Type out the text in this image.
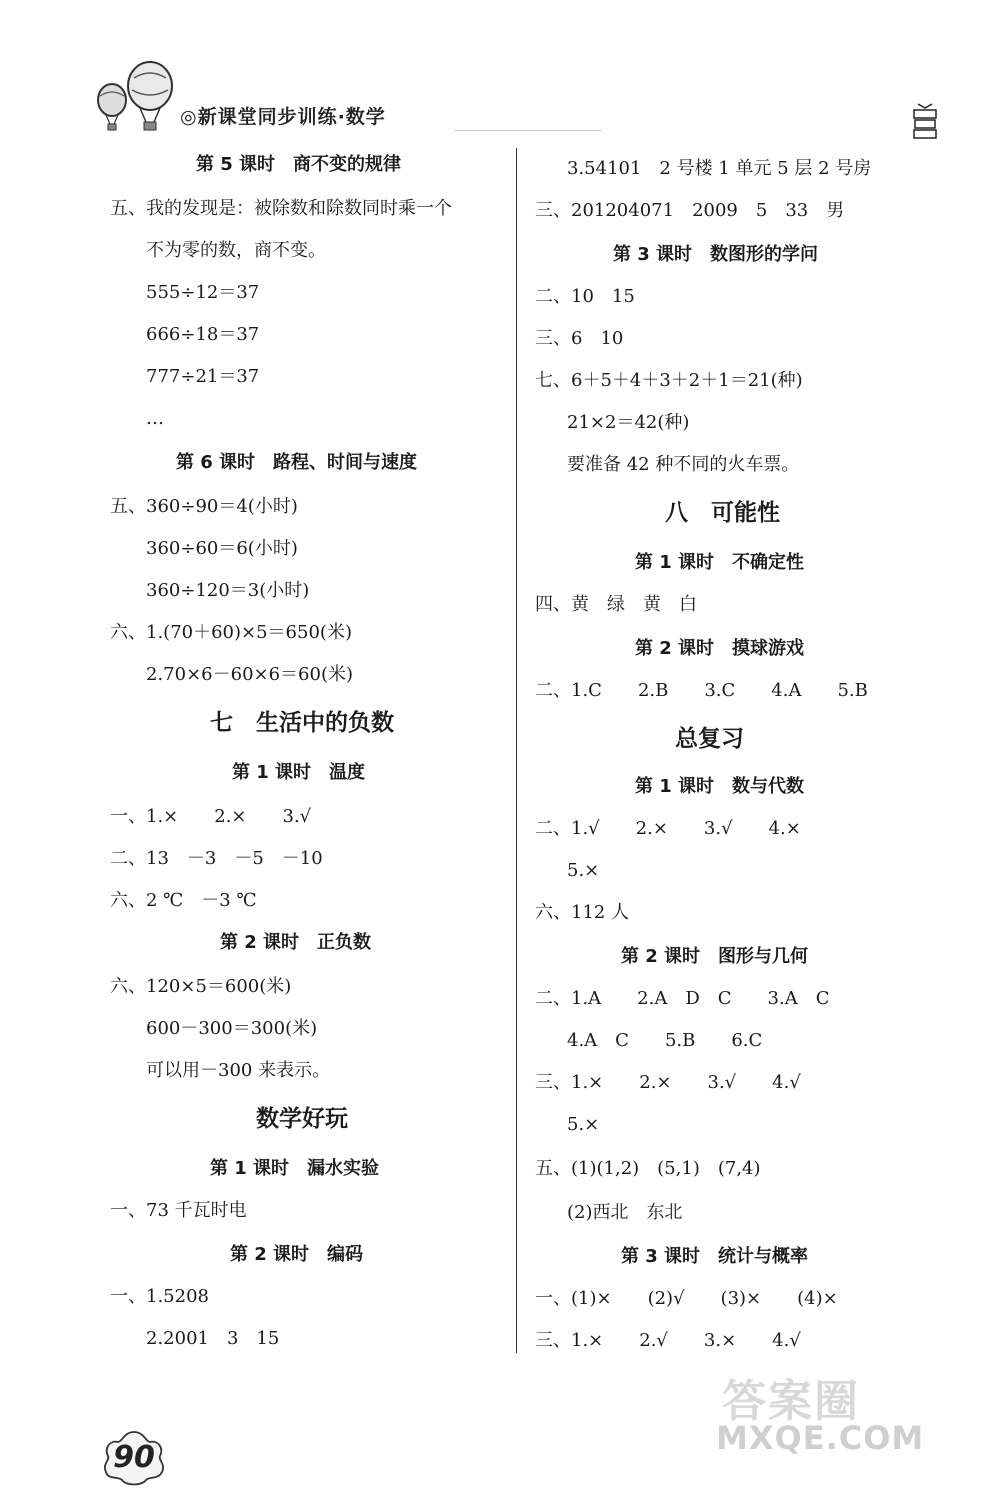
◎新课堂同步训练·数学
第 5 课时　商不变的规律
五、我的发现是：被除数和除数同时乘一个
不为零的数，商不变。
555÷12＝37
666÷18＝37
777÷21＝37
…
第 6 课时　路程、时间与速度
五、360÷90＝4(小时)
360÷60＝6(小时)
360÷120＝3(小时)
六、1.(70＋60)×5＝650(米)
2.70×6－60×6＝60(米)
七　生活中的负数
第 1 课时　温度
一、1.×　　2.×　　3.√
二、13　－3　－5　－10
六、2 ℃　－3 ℃
第 2 课时　正负数
六、120×5＝600(米)
600－300＝300(米)
可以用－300 来表示。
数学好玩
第 1 课时　漏水实验
一、73 千瓦时电
第 2 课时　编码
一、1.5208
2.2001　3　15
3.54101　2 号楼 1 单元 5 层 2 号房
三、201204071　2009　5　33　男
第 3 课时　数图形的学问
二、10　15
三、6　10
七、6＋5＋4＋3＋2＋1＝21(种)
21×2＝42(种)
要准备 42 种不同的火车票。
八　可能性
第 1 课时　不确定性
四、黄　绿　黄　白
第 2 课时　摸球游戏
二、1.C　　2.B　　3.C　　4.A　　5.B
总复习
第 1 课时　数与代数
二、1.√　　2.×　　3.√　　4.×
5.×
六、112 人
第 2 课时　图形与几何
二、1.A　　2.A　D　C　　3.A　C
4.A　C　　5.B　　6.C
三、1.×　　2.×　　3.√　　4.√
5.×
五、(1)(1,2)　(5,1)　(7,4)
(2)西北　东北
第 3 课时　统计与概率
一、(1)×　　(2)√　　(3)×　　(4)×
三、1.×　　2.√　　3.×　　4.√
90
答案圈
MXQE.COM
